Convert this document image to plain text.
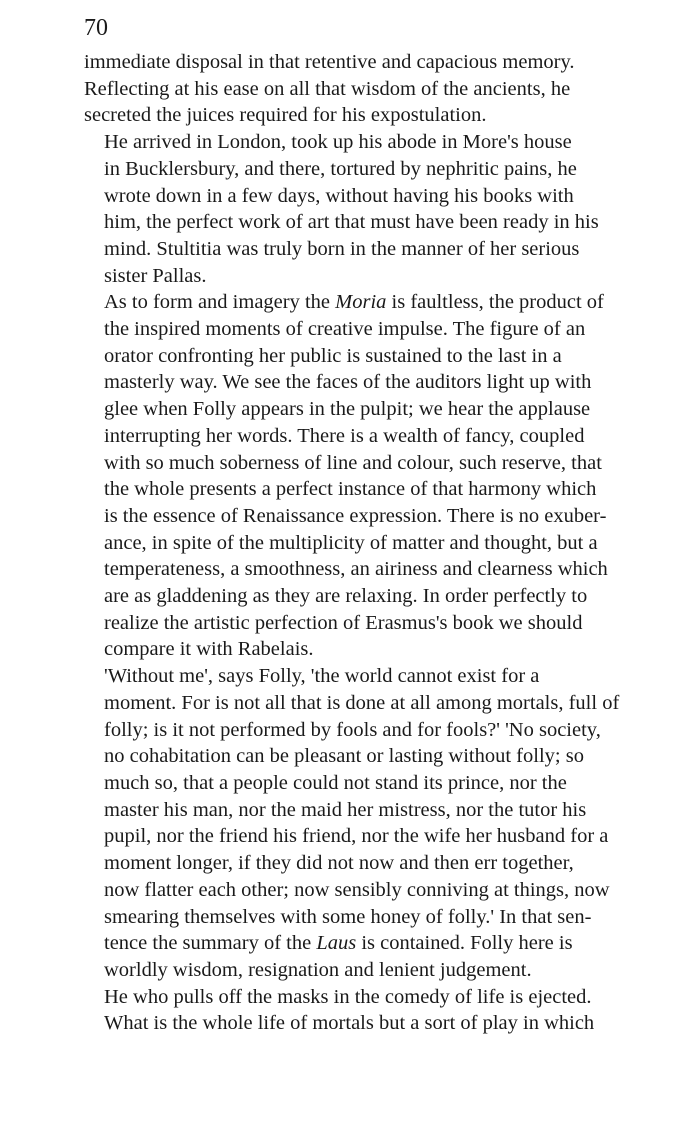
70

immediate disposal in that retentive and capacious memory.
Reflecting at his ease on all that wisdom of the ancients, he
secreted the juices required for his expostulation.

He arrived in London, took up his abode in More's house
in Bucklersbury, and there, tortured by nephritic pains, he
wrote down in a few days, without having his books with
him, the perfect work of art that must have been ready in his
mind. Stultitia was truly born in the manner of her serious
sister Pallas.

As to form and imagery the Moria is faultless, the product of
the inspired moments of creative impulse. The figure of an
orator confronting her public is sustained to the last in a
masterly way. We see the faces of the auditors light up with
glee when Folly appears in the pulpit; we hear the applause
interrupting her words. There is a wealth of fancy, coupled
with so much soberness of line and colour, such reserve, that
the whole presents a perfect instance of that harmony which
is the essence of Renaissance expression. There is no exuber-
ance, in spite of the multiplicity of matter and thought, but a
temperateness, a smoothness, an airiness and clearness which
are as gladdening as they are relaxing. In order perfectly to
realize the artistic perfection of Erasmus's book we should
compare it with Rabelais.

'Without me', says Folly, 'the world cannot exist for a
moment. For is not all that is done at all among mortals, full of
folly; is it not performed by fools and for fools?' 'No society,
no cohabitation can be pleasant or lasting without folly; so
much so, that a people could not stand its prince, nor the
master his man, nor the maid her mistress, nor the tutor his
pupil, nor the friend his friend, nor the wife her husband for a
moment longer, if they did not now and then err together,
now flatter each other; now sensibly conniving at things, now
smearing themselves with some honey of folly.' In that sen-
tence the summary of the Laus is contained. Folly here is
worldly wisdom, resignation and lenient judgement.

He who pulls off the masks in the comedy of life is ejected.
What is the whole life of mortals but a sort of play in which
